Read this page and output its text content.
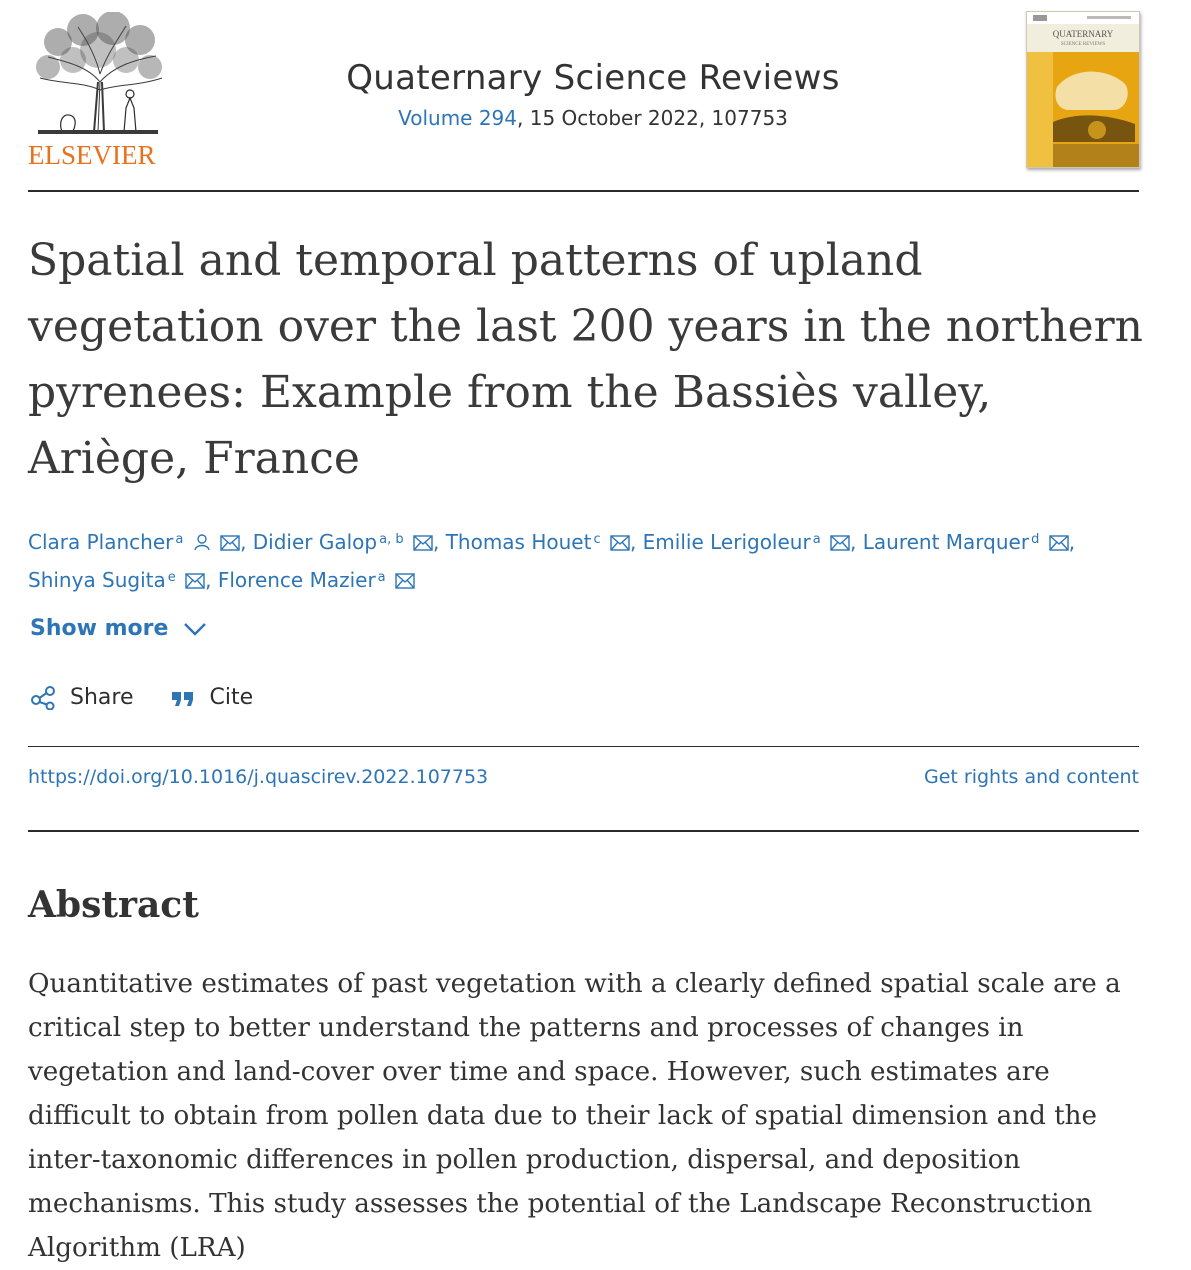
ELSEVIER
Quaternary Science Reviews
Volume 294, 15 October 2022, 107753
QUATERNARY
SCIENCE REVIEWS
Spatial and temporal patterns of upland vegetation over the last 200 years in the northern pyrenees: Example from the Bassiès valley, Ariège, France
Clara Plancher $^a$	, Didier Galop $^{a, b}$ , Thomas Houet $^c$ , Emilie Lerigoleur $^a$ , Laurent Marquer $^d$ , Shinya Sugita $^e$ , Florence Mazier $^a$
Show more
Share	Cite
https://doi.org/10.1016/j.quascirev.2022.107753	Get rights and content
Abstract

Quantitative estimates of past vegetation with a clearly defined spatial scale are a critical step to better understand the patterns and processes of changes in vegetation and land-cover over time and space. However, such estimates are difficult to obtain from pollen data due to their lack of spatial dimension and the inter-taxonomic differences in pollen production, dispersal, and deposition mechanisms. This study assesses the potential of the Landscape Reconstruction Algorithm (LRA)
